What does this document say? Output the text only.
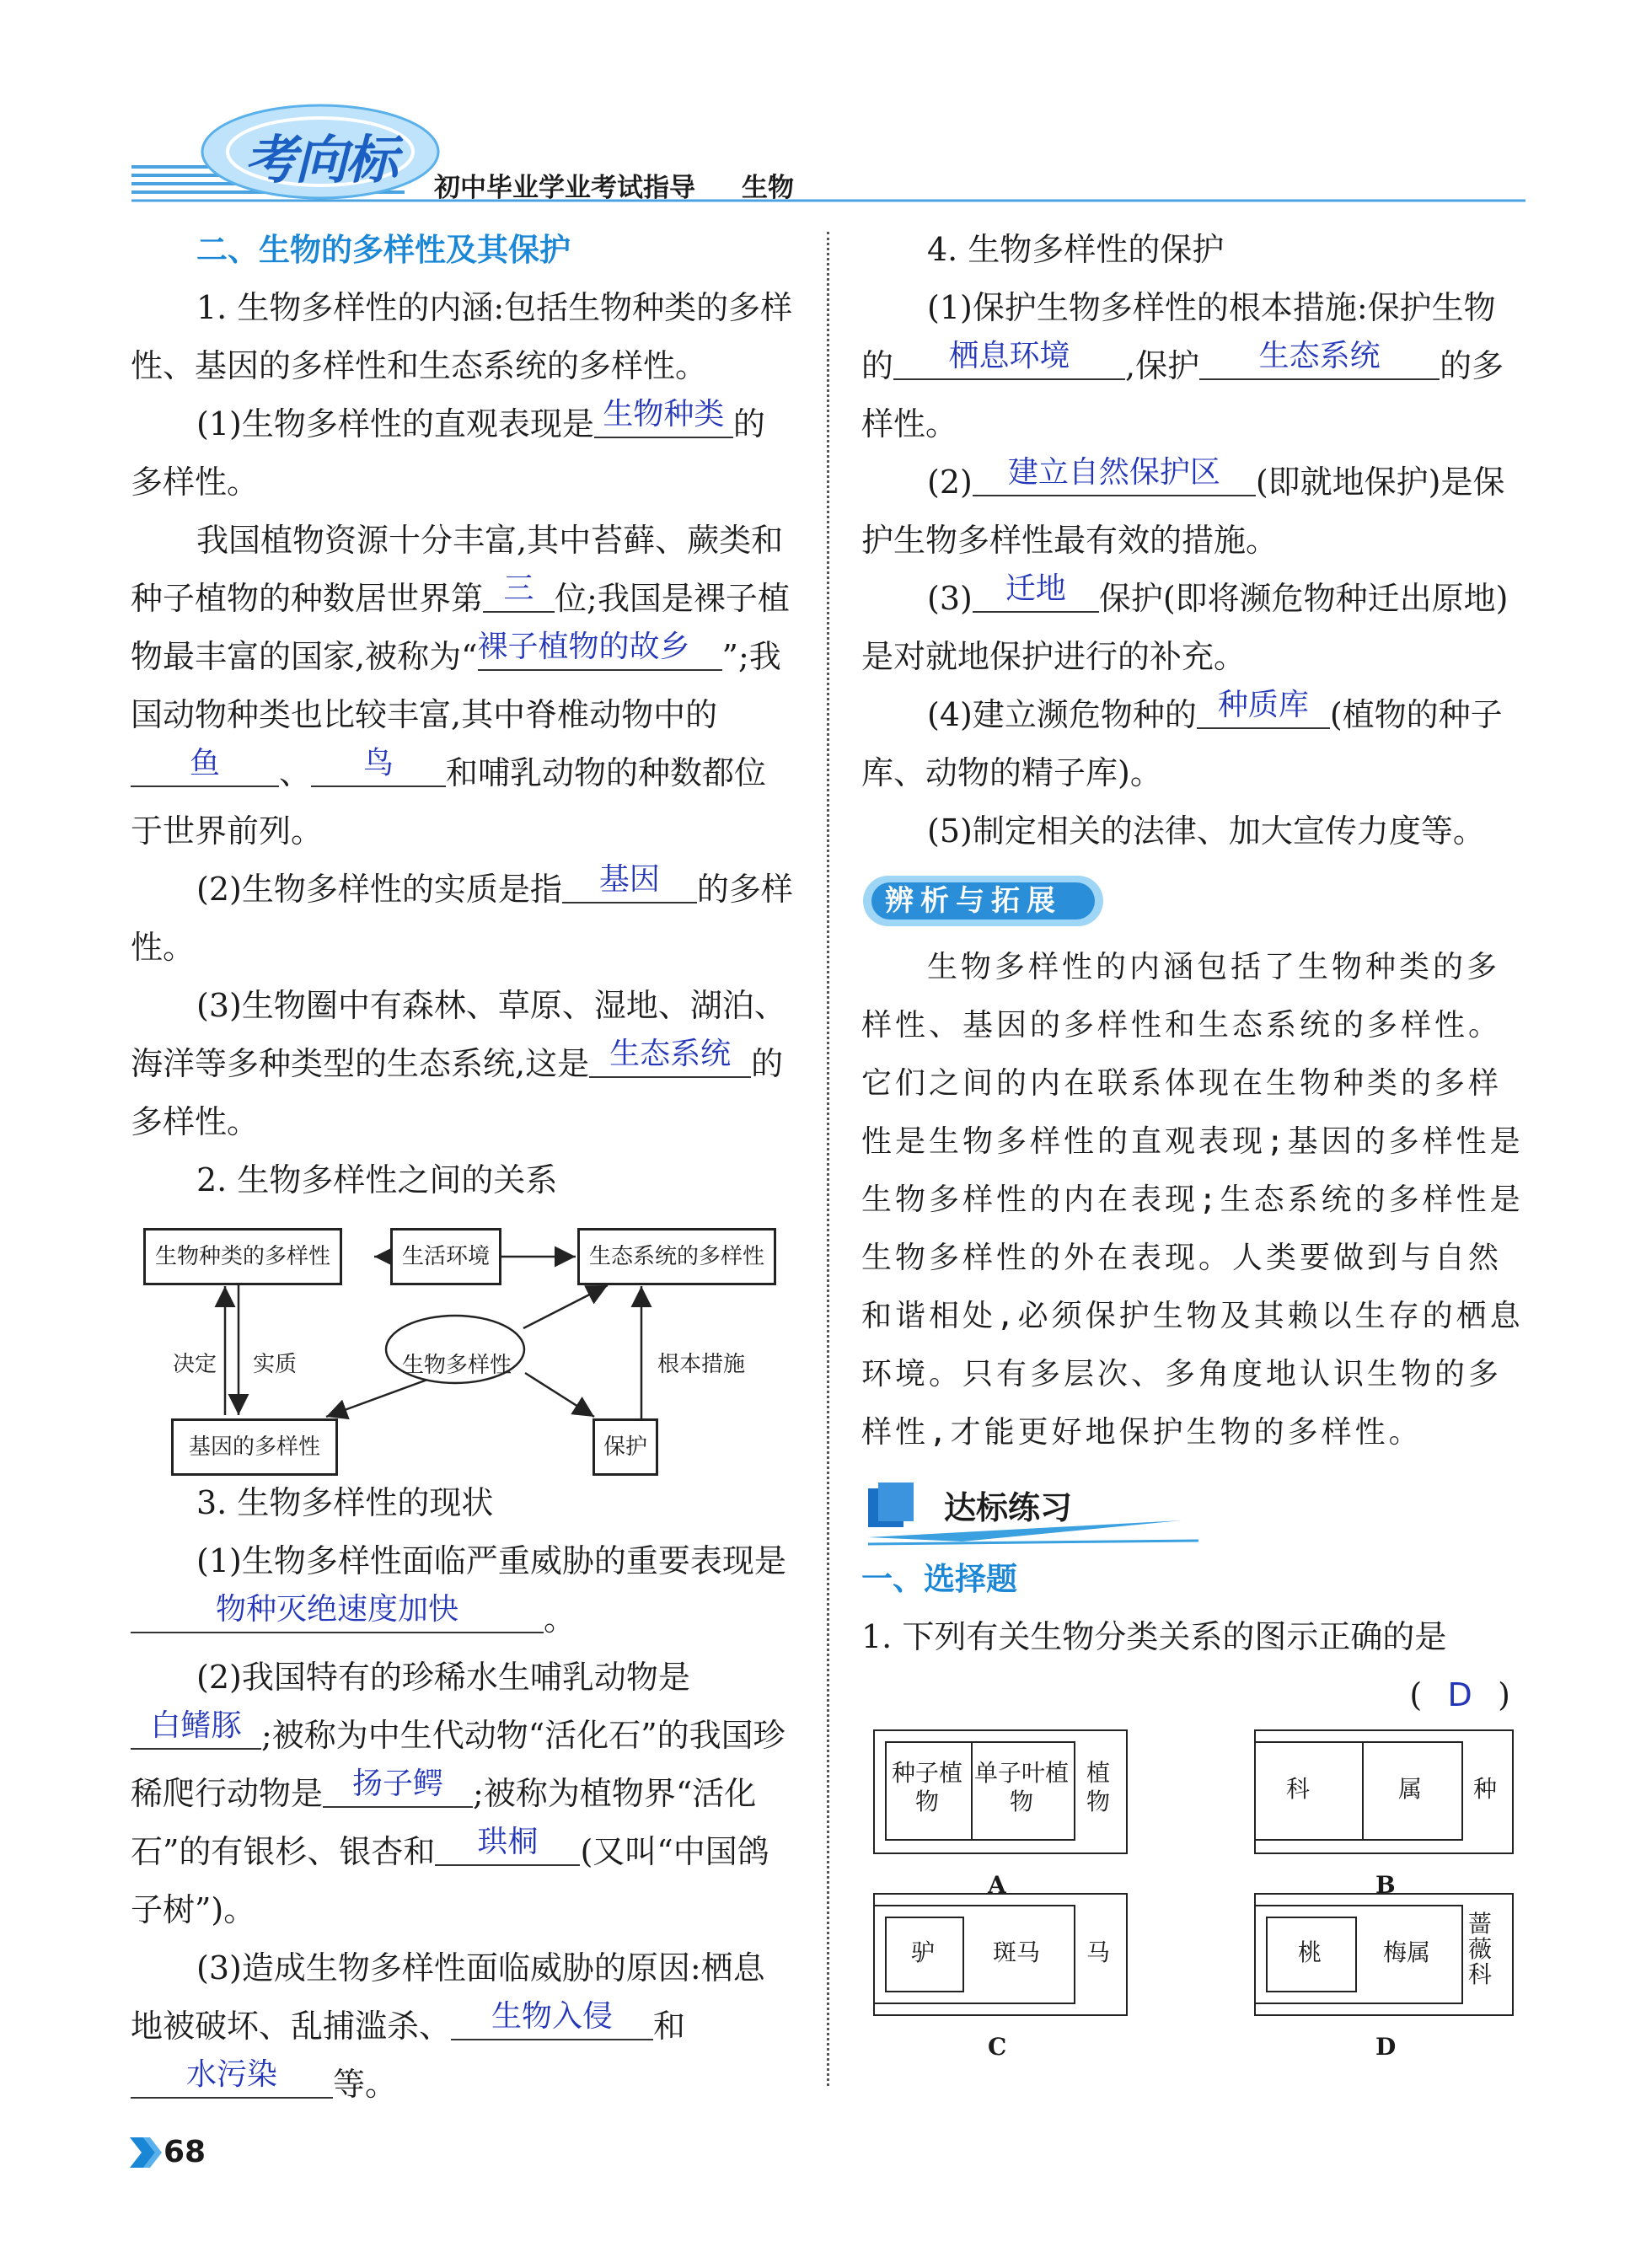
考向标 初中毕业学业考试指导 生物

二、生物的多样性及其保护

1. 生物多样性的内涵:包括生物种类的多样性、基因的多样性和生态系统的多样性。

(1)生物多样性的直观表现是 生物种类 的多样性。

我国植物资源十分丰富,其中苔藓、蕨类和种子植物的种数居世界第 三 位;我国是裸子植物最丰富的国家,被称为“ 裸子植物的故乡 ”;我国动物种类也比较丰富,其中脊椎动物中的
鱼	、	鸟	和哺乳动物的种数都位于世界前列。

(2)生物多样性的实质是指	基因	的多样性。

(3)生物圈中有森林、草原、湿地、湖泊、海洋等多种类型的生态系统,这是 生态系统 的多样性。

2. 生物多样性之间的关系

生物种类的多样性	生活环境	生态系统的多样性
生物多样性
基因的多样性	保护
决定 实质	根本措施

3. 生物多样性的现状

(1)生物多样性面临严重威胁的重要表现是
物种灭绝速度加快	。

(2)我国特有的珍稀水生哺乳动物是
白鳍豚 ;被称为中生代动物“活化石”的我国珍稀爬行动物是 扬子鳄 ;被称为植物界“活化石”的有银杉、银杏和	珙桐	(又叫“中国鸽子树”)。

(3)造成生物多样性面临威胁的原因:栖息地被破坏、乱捕滥杀、	生物入侵	和
水污染	等。

4. 生物多样性的保护

(1)保护生物多样性的根本措施:保护生物的	栖息环境	,保护	生态系统	的多样性。

(2)	建立自然保护区	(即就地保护)是保护生物多样性最有效的措施。

(3)	迁地	保护(即将濒危物种迁出原地)是对就地保护进行的补充。

(4)建立濒危物种的 种质库 (植物的种子库、动物的精子库)。

(5)制定相关的法律、加大宣传力度等。

辨析与拓展

生物多样性的内涵包括了生物种类的多样性、基因的多样性和生态系统的多样性。它们之间的内在联系体现在生物种类的多样性是生物多样性的直观表现;基因的多样性是生物多样性的内在表现;生态系统的多样性是生物多样性的外在表现。人类要做到与自然和谐相处,必须保护生物及其赖以生存的栖息环境。只有多层次、多角度地认识生物的多样性,才能更好地保护生物的多样性。

达标练习

一、选择题

1. 下列有关生物分类关系的图示正确的是

( D )

种子植物
单子叶植物
植物
A
科	属	种
B
驴	斑马	马
C
桃	梅属
蔷薇科
D
68
